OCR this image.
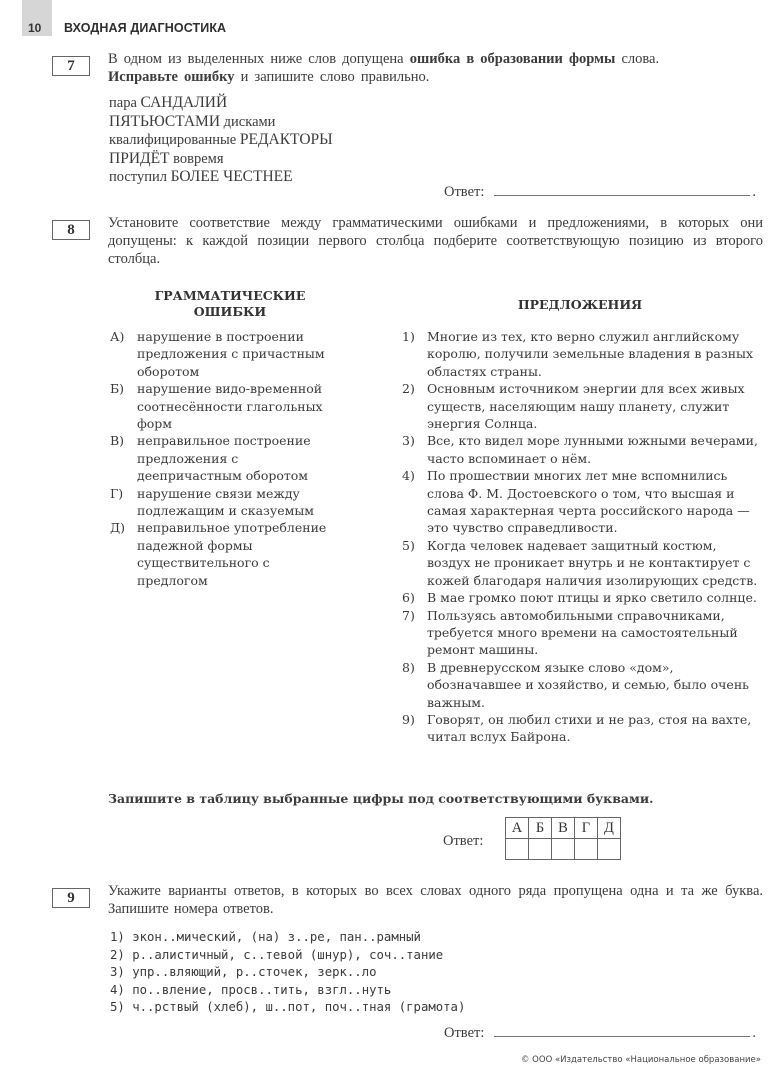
10 ВХОДНАЯ ДИАГНОСТИКА
7	В одном из выделенных ниже слов допущена ошибка в образовании формы слова.
Исправьте ошибку и запишите слово правильно.
пара САНДАЛИЙ
ПЯТЬЮСТАМИ дисками
квалифицированные РЕДАКТОРЫ
ПРИДЁТ вовремя
поступил БОЛЕЕ ЧЕСТНЕЕ
Ответ:	.
8	Установите соответствие между грамматическими ошибками и предложениями, в которых они допущены: к каждой позиции первого столбца подберите соответствующую позицию из второго столбца.
ГРАММАТИЧЕСКИЕ ОШИБКИ	ПРЕДЛОЖЕНИЯ
А)	нарушение в построении предложения с причастным оборотом
Б)	нарушение видо-временной соотнесённости глагольных форм
В)	неправильное построение предложения с деепричастным оборотом
Г)	нарушение связи между подлежащим и сказуемым
Д) неправильное употребление падежной формы существительного с предлогом
1) Многие из тех, кто верно служил английскому королю, получили земельные владения в разных областях страны.
2) Основным источником энергии для всех живых существ, населяющим нашу планету, служит энергия Солнца.
3) Все, кто видел море лунными южными вечерами, часто вспоминает о нём.
4) По прошествии многих лет мне вспомнились слова Ф. М. Достоевского о том, что высшая и самая характерная черта российского народа — это чувство справедливости.
5) Когда человек надевает защитный костюм, воздух не проникает внутрь и не контактирует с кожей благодаря наличия изолирующих средств.
6) В мае громко поют птицы и ярко светило солнце.
7) Пользуясь автомобильными справочниками, требуется много времени на самостоятельный ремонт машины.
8) В древнерусском языке слово «дом», обозначавшее и хозяйство, и семью, было очень важным.
9) Говорят, он любил стихи и не раз, стоя на вахте, читал вслух Байрона.
Запишите в таблицу выбранные цифры под соответствующими буквами.
Ответ:
А	Б	В	Г	Д

9	Укажите варианты ответов, в которых во всех словах одного ряда пропущена одна и та же буква. Запишите номера ответов.
1) экон..мический, (на) з..ре, пан..рамный
2) р..алистичный, с..тевой (шнур), соч..тание
3) упр..вляющий, р..сточек, зерк..ло
4) по..вление, просв..тить, взгл..нуть
5) ч..рствый (хлеб), ш..пот, поч..тная (грамота)
Ответ:	.
© ООО «Издательство «Национальное образование»
